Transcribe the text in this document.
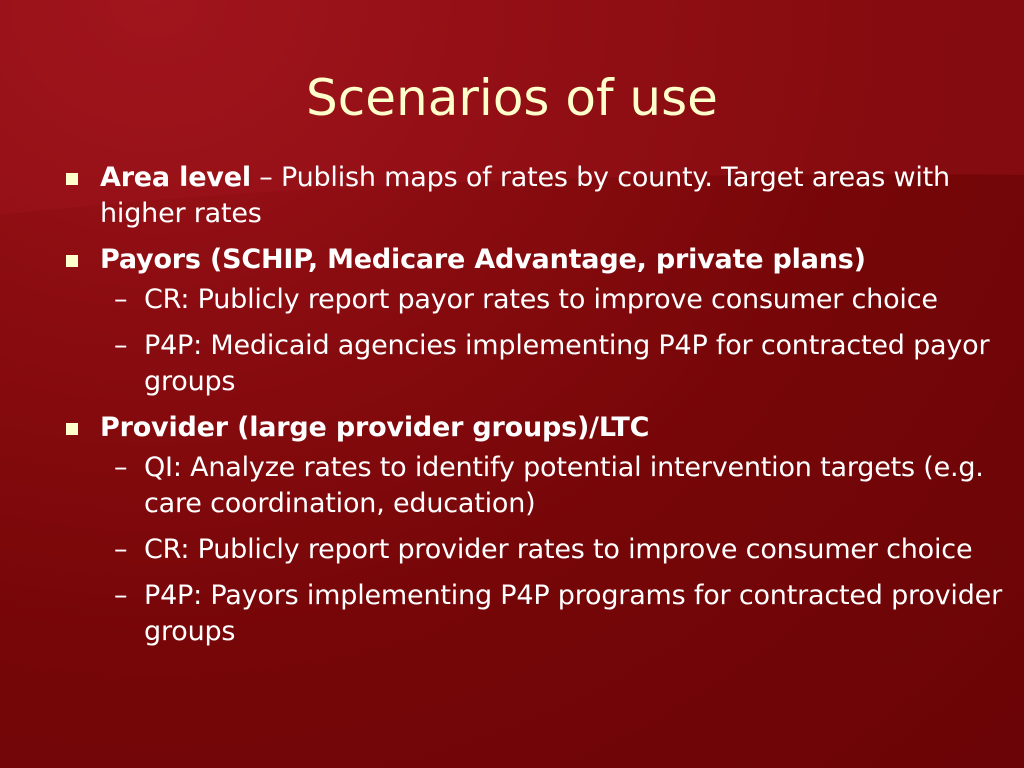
Scenarios of use
Area level – Publish maps of rates by county. Target areas with higher rates
Payors (SCHIP, Medicare Advantage, private plans)
– CR: Publicly report payor rates to improve consumer choice
– P4P: Medicaid agencies implementing P4P for contracted payor groups
Provider (large provider groups)/LTC
– QI: Analyze rates to identify potential intervention targets (e.g. care coordination, education)
– CR: Publicly report provider rates to improve consumer choice
– P4P: Payors implementing P4P programs for contracted provider groups
